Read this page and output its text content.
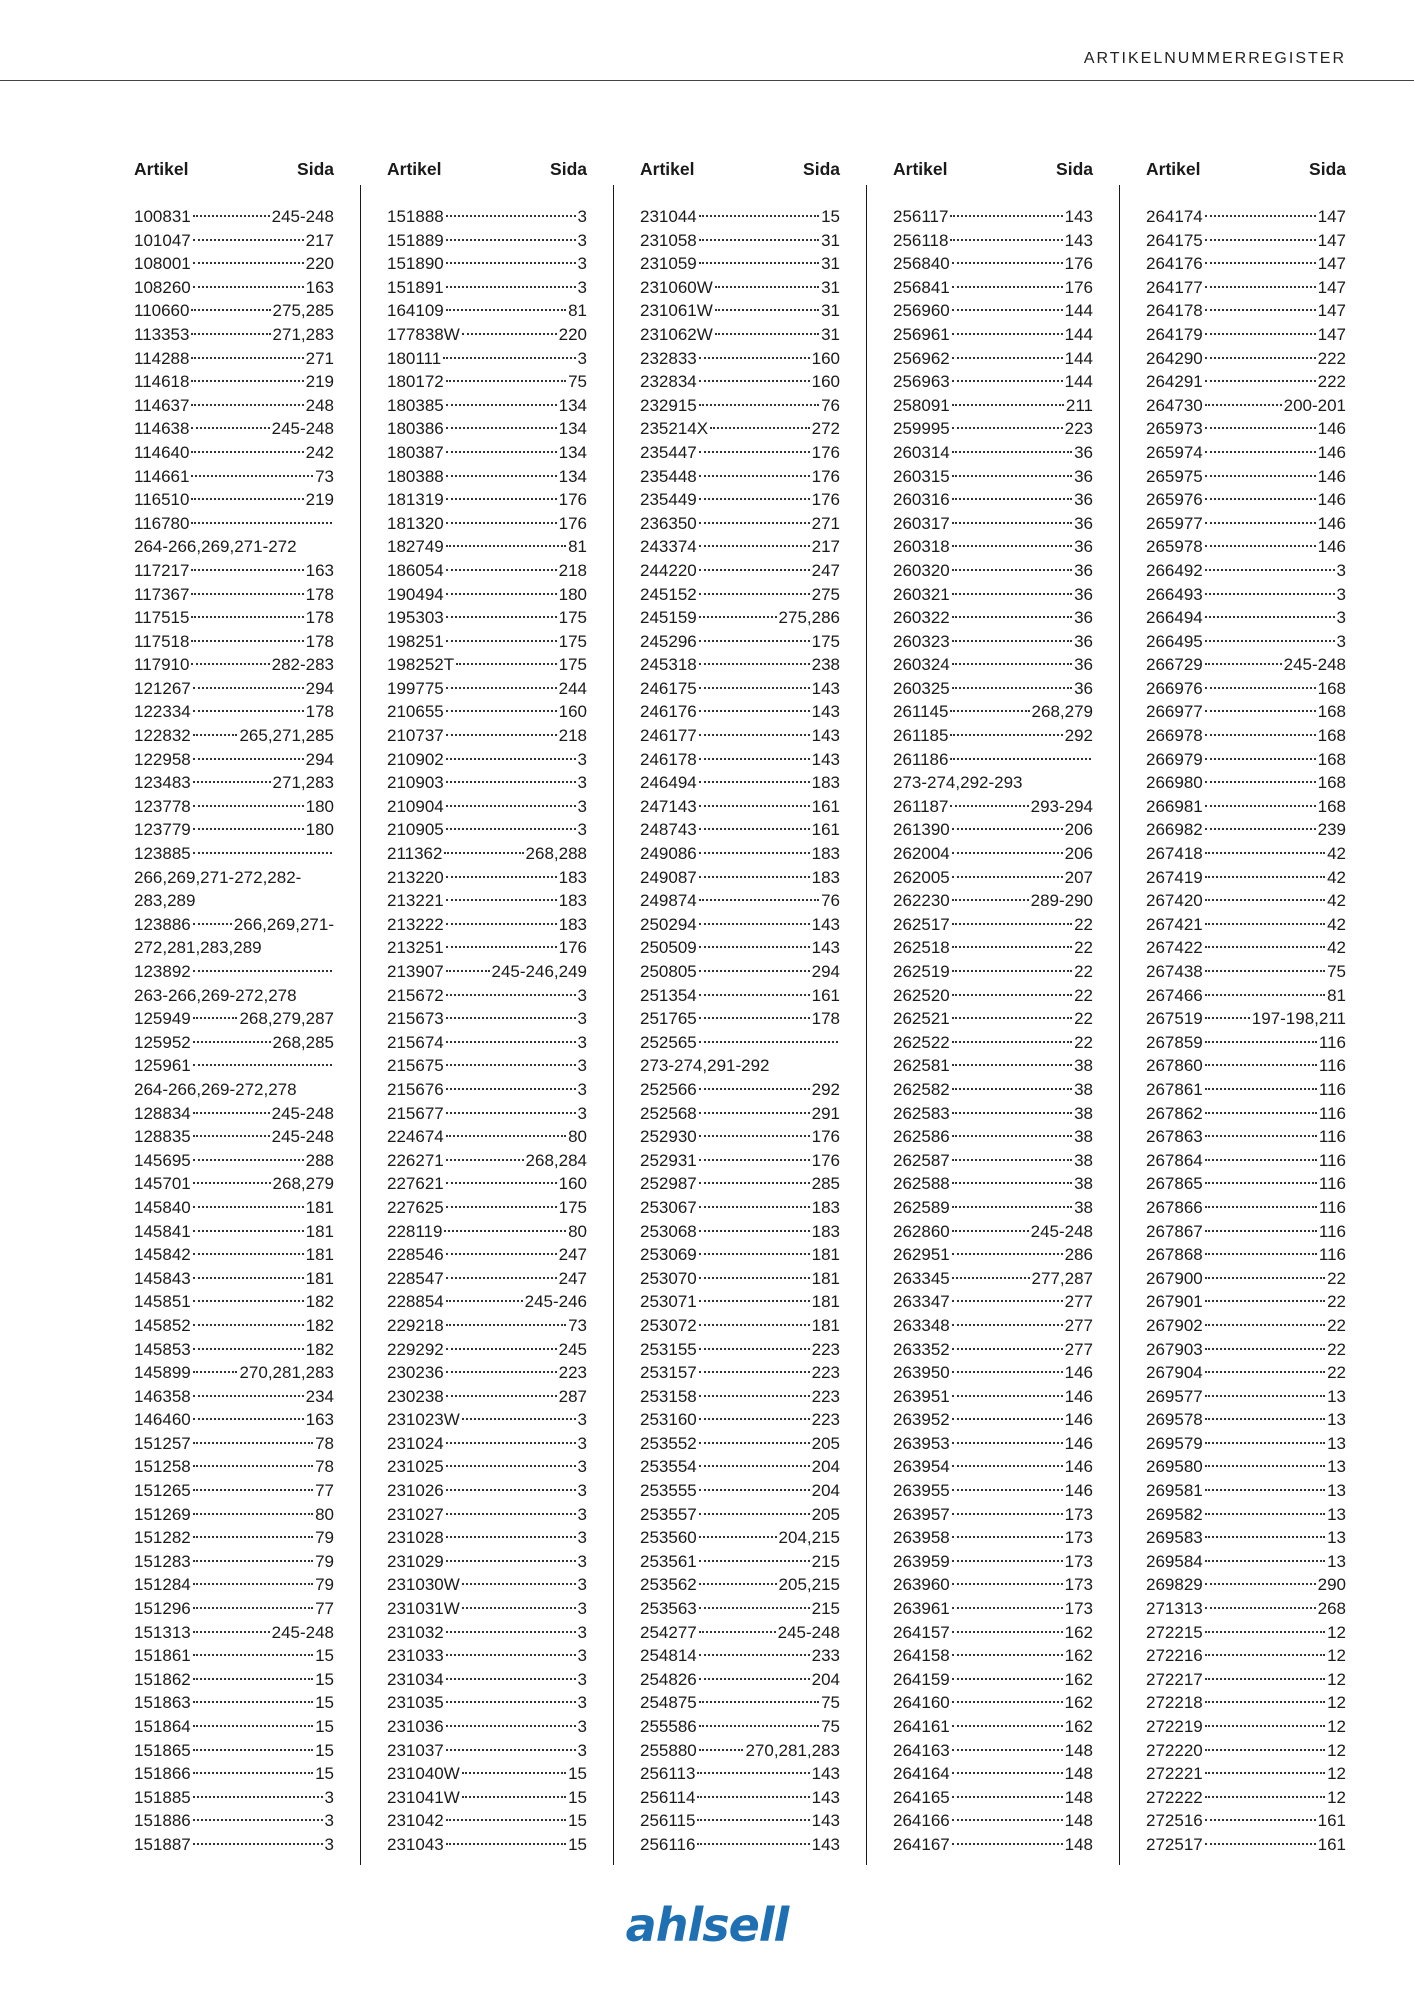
ARTIKELNUMMERREGISTER
Artikel	Sida
100831	245-248
101047	217
108001	220
108260	163
110660	275,285
113353	271,283
114288	271
114618	219
114637	248
114638	245-248
114640	242
114661	73
116510	219
116780
264-266,269,271-272
117217	163
117367	178
117515	178
117518	178
117910	282-283
121267	294
122334	178
122832	265,271,285
122958	294
123483	271,283
123778	180
123779	180
123885
266,269,271-272,282-
283,289
123886	266,269,271-
272,281,283,289
123892
263-266,269-272,278
125949	268,279,287
125952	268,285
125961
264-266,269-272,278
128834	245-248
128835	245-248
145695	288
145701	268,279
145840	181
145841	181
145842	181
145843	181
145851	182
145852	182
145853	182
145899	270,281,283
146358	234
146460	163
151257	78
151258	78
151265	77
151269	80
151282	79
151283	79
151284	79
151296	77
151313	245-248
151861	15
151862	15
151863	15
151864	15
151865	15
151866	15
151885	3
151886	3
151887	3
Artikel	Sida
151888	3
151889	3
151890	3
151891	3
164109	81
177838W	220
180111	3
180172	75
180385	134
180386	134
180387	134
180388	134
181319	176
181320	176
182749	81
186054	218
190494	180
195303	175
198251	175
198252T	175
199775	244
210655	160
210737	218
210902	3
210903	3
210904	3
210905	3
211362	268,288
213220	183
213221	183
213222	183
213251	176
213907	245-246,249
215672	3
215673	3
215674	3
215675	3
215676	3
215677	3
224674	80
226271	268,284
227621	160
227625	175
228119	80
228546	247
228547	247
228854	245-246
229218	73
229292	245
230236	223
230238	287
231023W	3
231024	3
231025	3
231026	3
231027	3
231028	3
231029	3
231030W	3
231031W	3
231032	3
231033	3
231034	3
231035	3
231036	3
231037	3
231040W	15
231041W	15
231042	15
231043	15
Artikel	Sida
231044	15
231058	31
231059	31
231060W	31
231061W	31
231062W	31
232833	160
232834	160
232915	76
235214X	272
235447	176
235448	176
235449	176
236350	271
243374	217
244220	247
245152	275
245159	275,286
245296	175
245318	238
246175	143
246176	143
246177	143
246178	143
246494	183
247143	161
248743	161
249086	183
249087	183
249874	76
250294	143
250509	143
250805	294
251354	161
251765	178
252565
273-274,291-292
252566	292
252568	291
252930	176
252931	176
252987	285
253067	183
253068	183
253069	181
253070	181
253071	181
253072	181
253155	223
253157	223
253158	223
253160	223
253552	205
253554	204
253555	204
253557	205
253560	204,215
253561	215
253562	205,215
253563	215
254277	245-248
254814	233
254826	204
254875	75
255586	75
255880	270,281,283
256113	143
256114	143
256115	143
256116	143
Artikel	Sida
256117	143
256118	143
256840	176
256841	176
256960	144
256961	144
256962	144
256963	144
258091	211
259995	223
260314	36
260315	36
260316	36
260317	36
260318	36
260320	36
260321	36
260322	36
260323	36
260324	36
260325	36
261145	268,279
261185	292
261186
273-274,292-293
261187	293-294
261390	206
262004	206
262005	207
262230	289-290
262517	22
262518	22
262519	22
262520	22
262521	22
262522	22
262581	38
262582	38
262583	38
262586	38
262587	38
262588	38
262589	38
262860	245-248
262951	286
263345	277,287
263347	277
263348	277
263352	277
263950	146
263951	146
263952	146
263953	146
263954	146
263955	146
263957	173
263958	173
263959	173
263960	173
263961	173
264157	162
264158	162
264159	162
264160	162
264161	162
264163	148
264164	148
264165	148
264166	148
264167	148
Artikel	Sida
264174	147
264175	147
264176	147
264177	147
264178	147
264179	147
264290	222
264291	222
264730	200-201
265973	146
265974	146
265975	146
265976	146
265977	146
265978	146
266492	3
266493	3
266494	3
266495	3
266729	245-248
266976	168
266977	168
266978	168
266979	168
266980	168
266981	168
266982	239
267418	42
267419	42
267420	42
267421	42
267422	42
267438	75
267466	81
267519	197-198,211
267859	116
267860	116
267861	116
267862	116
267863	116
267864	116
267865	116
267866	116
267867	116
267868	116
267900	22
267901	22
267902	22
267903	22
267904	22
269577	13
269578	13
269579	13
269580	13
269581	13
269582	13
269583	13
269584	13
269829	290
271313	268
272215	12
272216	12
272217	12
272218	12
272219	12
272220	12
272221	12
272222	12
272516	161
272517	161
ahlsell
